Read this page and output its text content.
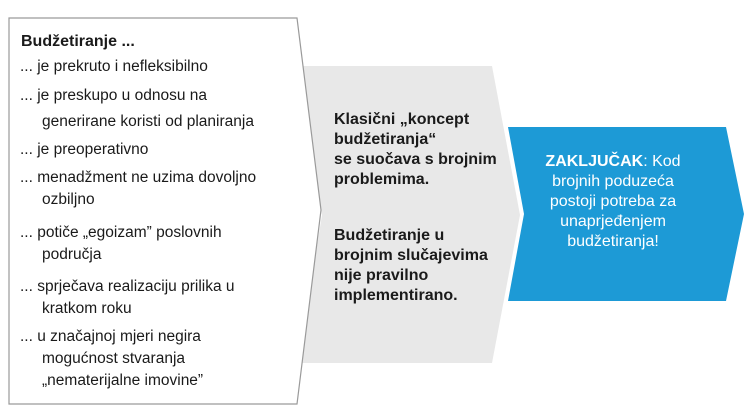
Budžetiranje ...
... je prekruto i nefleksibilno
... je preskupo u odnosu na
generirane koristi od planiranja
... je preoperativno
... menadžment ne uzima dovoljno
ozbiljno
... potiče „egoizam” poslovnih
područja
... sprječava realizaciju prilika u
kratkom roku
... u značajnoj mjeri negira
mogućnost stvaranja
„nematerijalne imovine”
Klasični „koncept
budžetiranja“
se suočava s brojnim
problemima.
Budžetiranje u
brojnim slučajevima
nije pravilno
implementirano.
ZAKLJUČAK: Kod
brojnih poduzeća
postoji potreba za
unaprjeđenjem
budžetiranja!
